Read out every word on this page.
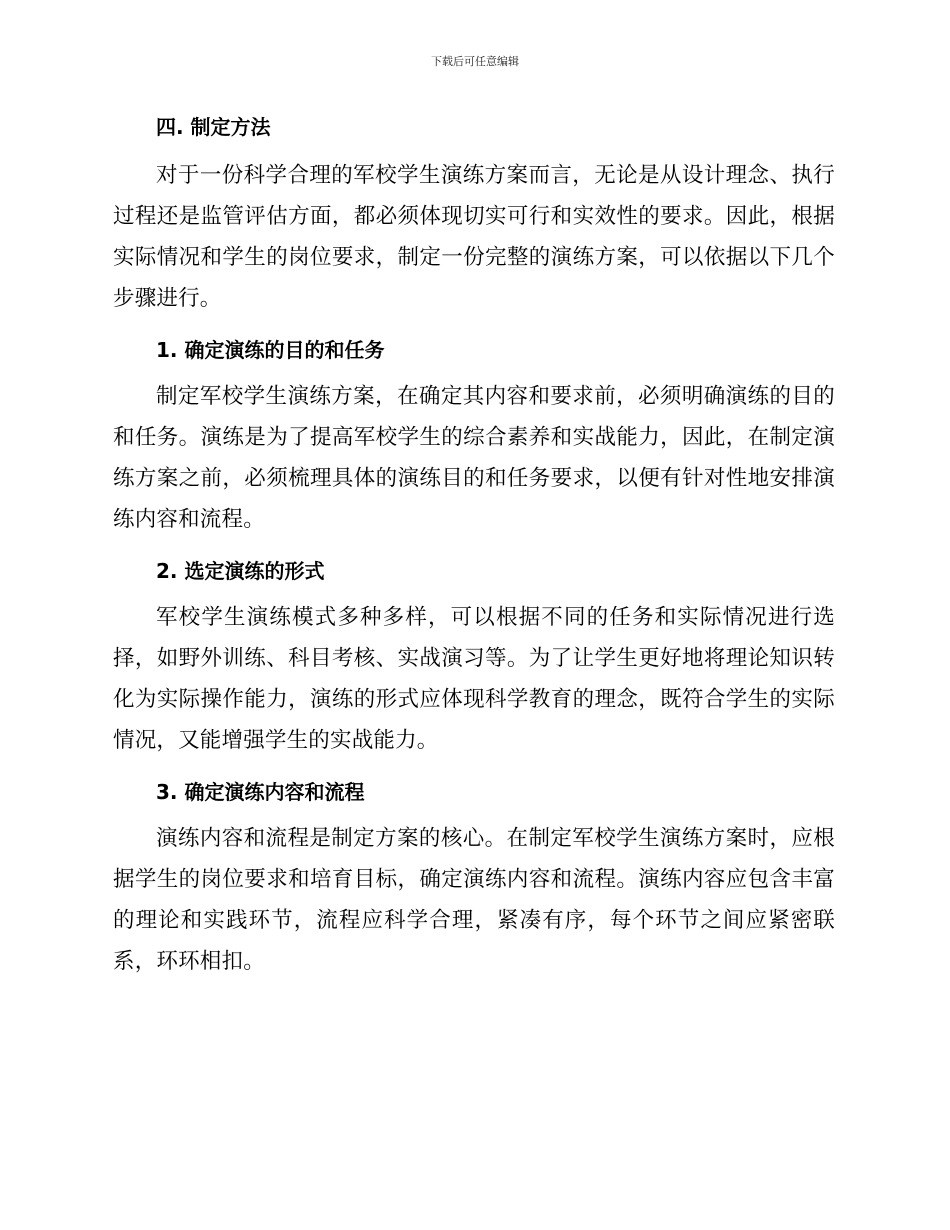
下载后可任意编辑
四. 制定方法

对于一份科学合理的军校学生演练方案而言，无论是从设计理念、执行过程还是监管评估方面，都必须体现切实可行和实效性的要求。因此，根据实际情况和学生的岗位要求，制定一份完整的演练方案，可以依据以下几个步骤进行。

1. 确定演练的目的和任务

制定军校学生演练方案，在确定其内容和要求前，必须明确演练的目的和任务。演练是为了提高军校学生的综合素养和实战能力，因此，在制定演练方案之前，必须梳理具体的演练目的和任务要求，以便有针对性地安排演练内容和流程。

2. 选定演练的形式

军校学生演练模式多种多样，可以根据不同的任务和实际情况进行选择，如野外训练、科目考核、实战演习等。为了让学生更好地将理论知识转化为实际操作能力，演练的形式应体现科学教育的理念，既符合学生的实际情况，又能增强学生的实战能力。

3. 确定演练内容和流程

演练内容和流程是制定方案的核心。在制定军校学生演练方案时，应根据学生的岗位要求和培育目标，确定演练内容和流程。演练内容应包含丰富的理论和实践环节，流程应科学合理，紧凑有序，每个环节之间应紧密联系，环环相扣。
